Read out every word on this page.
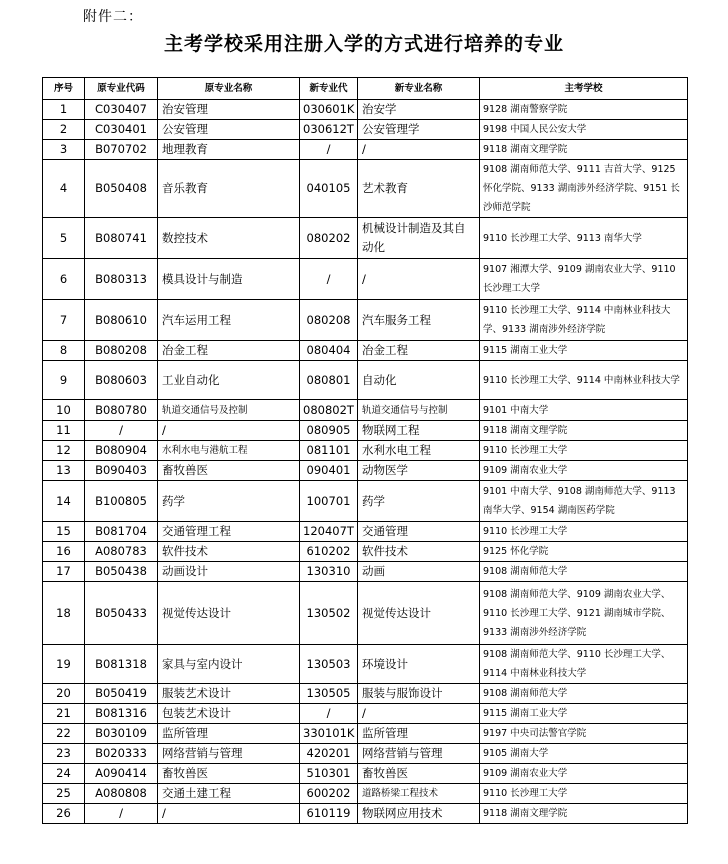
附件二：
主考学校采用注册入学的方式进行培养的专业
序号	原专业代码	原专业名称	新专业代	新专业名称	主考学校
1	C030407	治安管理	030601K	治安学	9128 湖南警察学院
2	C030401	公安管理	030612T	公安管理学	9198 中国人民公安大学
3	B070702	地理教育	/	/	9118 湖南文理学院
4	B050408	音乐教育	040105	艺术教育	9108 湖南师范大学、9111 吉首大学、9125 怀化学院、9133 湖南涉外经济学院、9151 长沙师范学院
5	B080741	数控技术	080202	机械设计制造及其自动化	9110 长沙理工大学、9113 南华大学
6	B080313	模具设计与制造	/	/	9107 湘潭大学、9109 湖南农业大学、9110 长沙理工大学
7	B080610	汽车运用工程	080208	汽车服务工程	9110 长沙理工大学、9114 中南林业科技大学、9133 湖南涉外经济学院
8	B080208	冶金工程	080404	冶金工程	9115 湖南工业大学
9	B080603	工业自动化	080801	自动化	9110 长沙理工大学、9114 中南林业科技大学
10	B080780	轨道交通信号及控制	080802T	轨道交通信号与控制	9101 中南大学
11	/	/	080905	物联网工程	9118 湖南文理学院
12	B080904	水利水电与港航工程	081101	水利水电工程	9110 长沙理工大学
13	B090403	畜牧兽医	090401	动物医学	9109 湖南农业大学
14	B100805	药学	100701	药学	9101 中南大学、9108 湖南师范大学、9113 南华大学、9154 湖南医药学院
15	B081704	交通管理工程	120407T	交通管理	9110 长沙理工大学
16	A080783	软件技术	610202	软件技术	9125 怀化学院
17	B050438	动画设计	130310	动画	9108 湖南师范大学
18	B050433	视觉传达设计	130502	视觉传达设计	9108 湖南师范大学、9109 湖南农业大学、9110 长沙理工大学、9121 湖南城市学院、9133 湖南涉外经济学院
19	B081318	家具与室内设计	130503	环境设计	9108 湖南师范大学、9110 长沙理工大学、9114 中南林业科技大学
20	B050419	服装艺术设计	130505	服装与服饰设计	9108 湖南师范大学
21	B081316	包装艺术设计	/	/	9115 湖南工业大学
22	B030109	监所管理	330101K	监所管理	9197 中央司法警官学院
23	B020333	网络营销与管理	420201	网络营销与管理	9105 湖南大学
24	A090414	畜牧兽医	510301	畜牧兽医	9109 湖南农业大学
25	A080808	交通土建工程	600202	道路桥梁工程技术	9110 长沙理工大学
26	/	/	610119	物联网应用技术	9118 湖南文理学院
